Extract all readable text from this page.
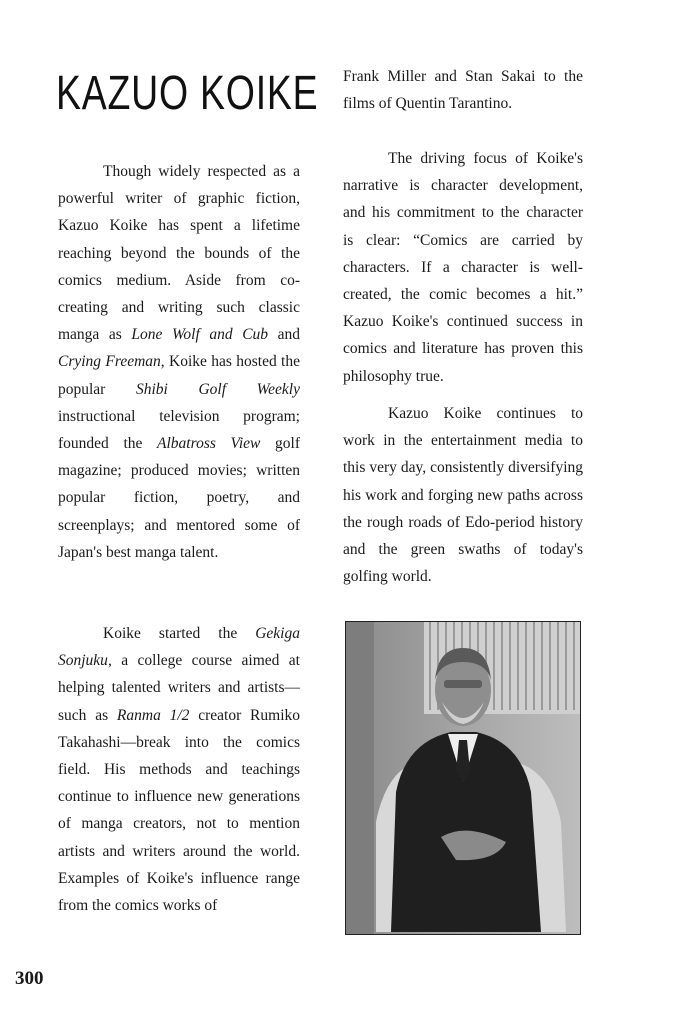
KAZUO KOIKE

Though widely respected as a powerful writer of graphic fiction, Kazuo Koike has spent a lifetime reaching beyond the bounds of the comics medium. Aside from co-creating and writing such classic manga as Lone Wolf and Cub and Crying Freeman, Koike has hosted the popular Shibi Golf Weekly instructional television program; founded the Albatross View golf magazine; produced movies; written popular fiction, poetry, and screenplays; and mentored some of Japan's best manga talent.

Koike started the Gekiga Sonjuku, a college course aimed at helping talented writers and artists—such as Ranma 1/2 creator Rumiko Takahashi—break into the comics field. His methods and teachings continue to influence new generations of manga creators, not to mention artists and writers around the world. Examples of Koike's influence range from the comics works of

Frank Miller and Stan Sakai to the films of Quentin Tarantino.

The driving focus of Koike's narrative is character development, and his commitment to the character is clear: “Comics are carried by characters. If a character is well-created, the comic becomes a hit.” Kazuo Koike's continued success in comics and literature has proven this philosophy true.

Kazuo Koike continues to work in the entertainment media to this very day, consistently diversifying his work and forging new paths across the rough roads of Edo-period history and the green swaths of today's golfing world.

300
